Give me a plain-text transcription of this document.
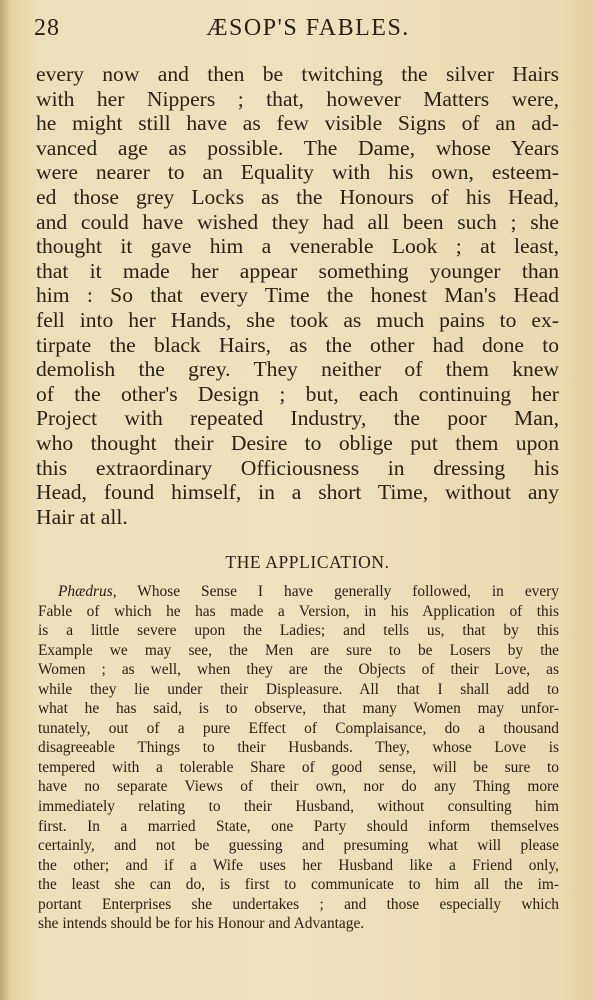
28	ÆSOP'S FABLES.
every now and then be twitching the silver Hairs
with her Nippers ; that, however Matters were,
he might still have as few visible Signs of an ad-
vanced age as possible. The Dame, whose Years
were nearer to an Equality with his own, esteem-
ed those grey Locks as the Honours of his Head,
and could have wished they had all been such ; she
thought it gave him a venerable Look ; at least,
that it made her appear something younger than
him : So that every Time the honest Man's Head
fell into her Hands, she took as much pains to ex-
tirpate the black Hairs, as the other had done to
demolish the grey. They neither of them knew
of the other's Design ; but, each continuing her
Project with repeated Industry, the poor Man,
who thought their Desire to oblige put them upon
this extraordinary Officiousness in dressing his
Head, found himself, in a short Time, without any
Hair at all.
THE APPLICATION.
Phædrus, Whose Sense I have generally followed, in every
Fable of which he has made a Version, in his Application of this
is a little severe upon the Ladies; and tells us, that by this
Example we may see, the Men are sure to be Losers by the
Women ; as well, when they are the Objects of their Love, as
while they lie under their Displeasure. All that I shall add to
what he has said, is to observe, that many Women may unfor-
tunately, out of a pure Effect of Complaisance, do a thousand
disagreeable Things to their Husbands. They, whose Love is
tempered with a tolerable Share of good sense, will be sure to
have no separate Views of their own, nor do any Thing more
immediately relating to their Husband, without consulting him
first. In a married State, one Party should inform themselves
certainly, and not be guessing and presuming what will please
the other; and if a Wife uses her Husband like a Friend only,
the least she can do, is first to communicate to him all the im-
portant Enterprises she undertakes ; and those especially which
she intends should be for his Honour and Advantage.
